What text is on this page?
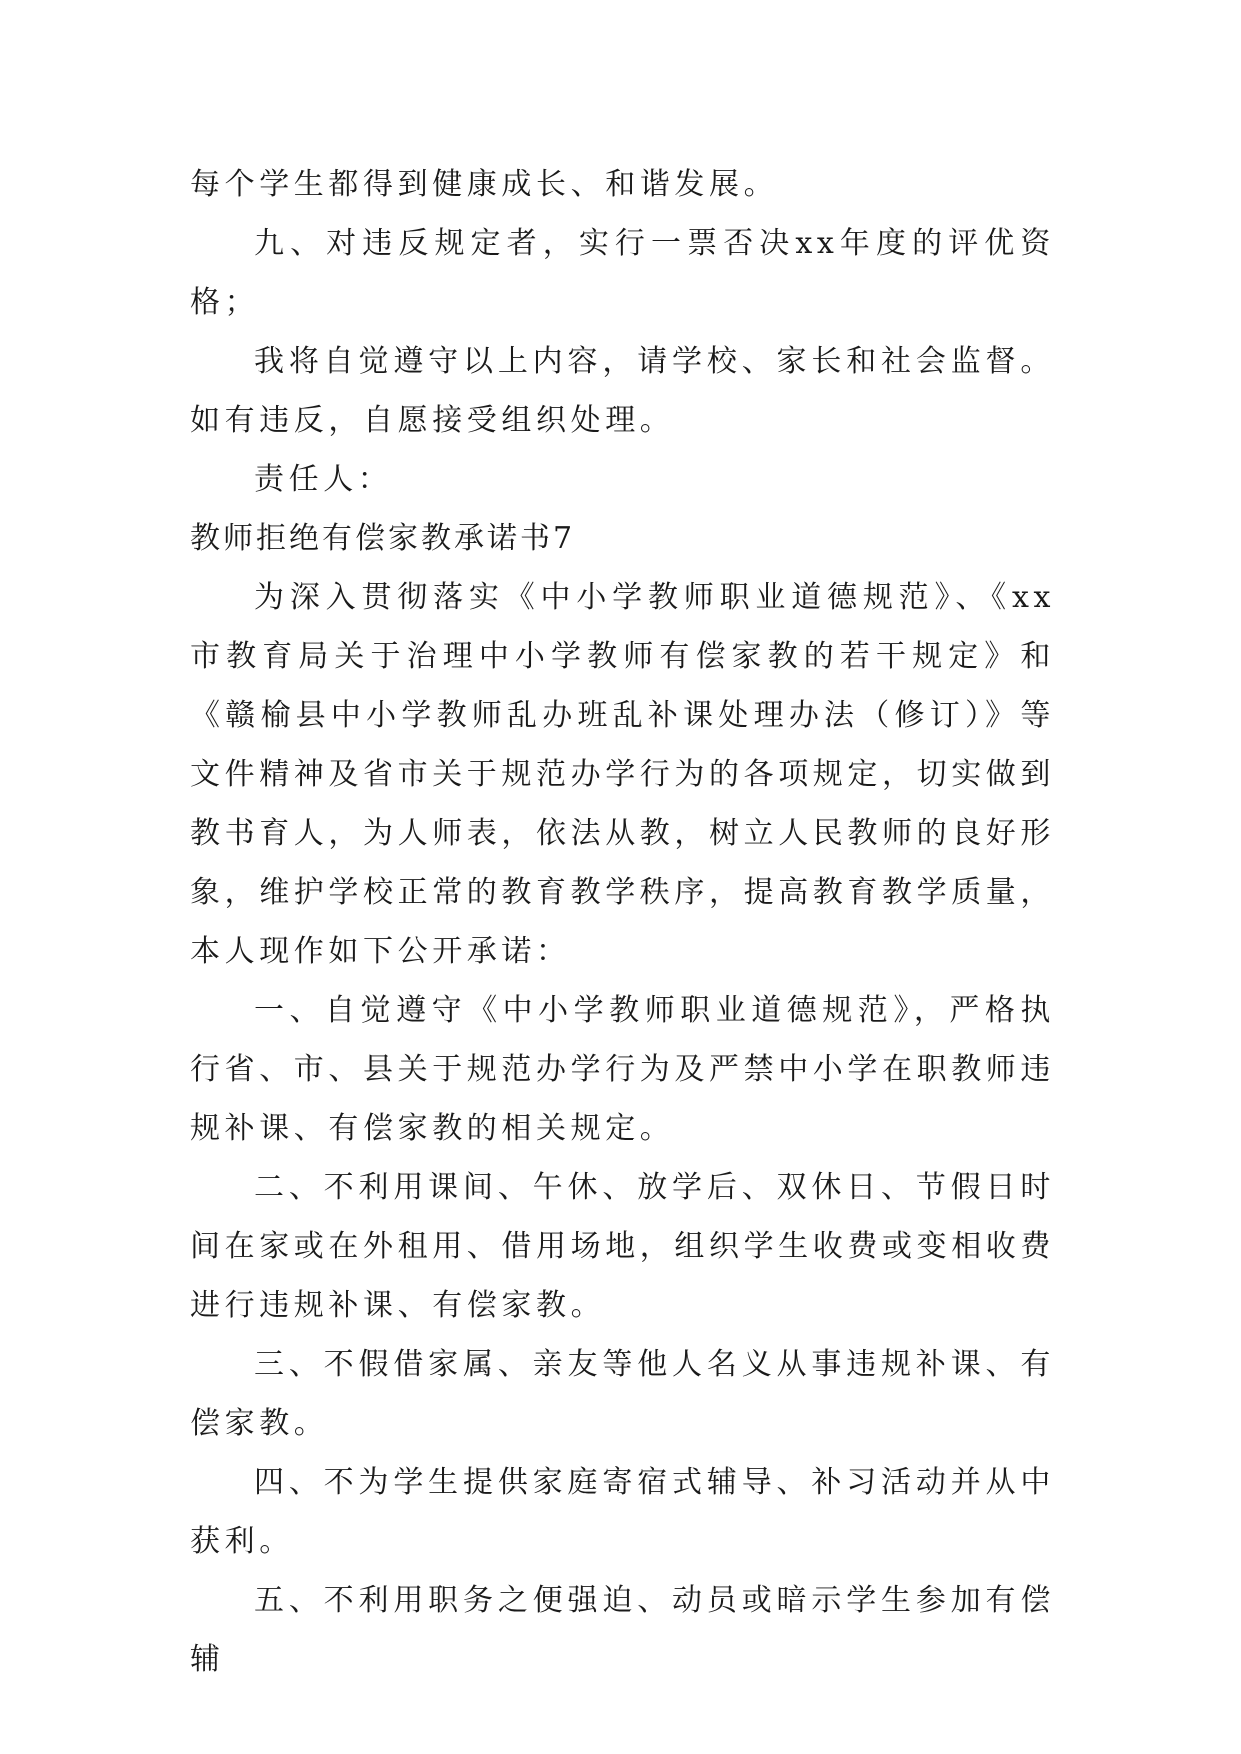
每个学生都得到健康成长、和谐发展。

九、对违反规定者，实行一票否决xx年度的评优资格；

我将自觉遵守以上内容，请学校、家长和社会监督。如有违反，自愿接受组织处理。

责任人：

教师拒绝有偿家教承诺书7

为深入贯彻落实《中小学教师职业道德规范》、《xx市教育局关于治理中小学教师有偿家教的若干规定》和《赣榆县中小学教师乱办班乱补课处理办法（修订）》等文件精神及省市关于规范办学行为的各项规定，切实做到教书育人，为人师表，依法从教，树立人民教师的良好形象，维护学校正常的教育教学秩序，提高教育教学质量，本人现作如下公开承诺：

一、自觉遵守《中小学教师职业道德规范》，严格执行省、市、县关于规范办学行为及严禁中小学在职教师违规补课、有偿家教的相关规定。

二、不利用课间、午休、放学后、双休日、节假日时间在家或在外租用、借用场地，组织学生收费或变相收费进行违规补课、有偿家教。

三、不假借家属、亲友等他人名义从事违规补课、有偿家教。

四、不为学生提供家庭寄宿式辅导、补习活动并从中获利。

五、不利用职务之便强迫、动员或暗示学生参加有偿辅
